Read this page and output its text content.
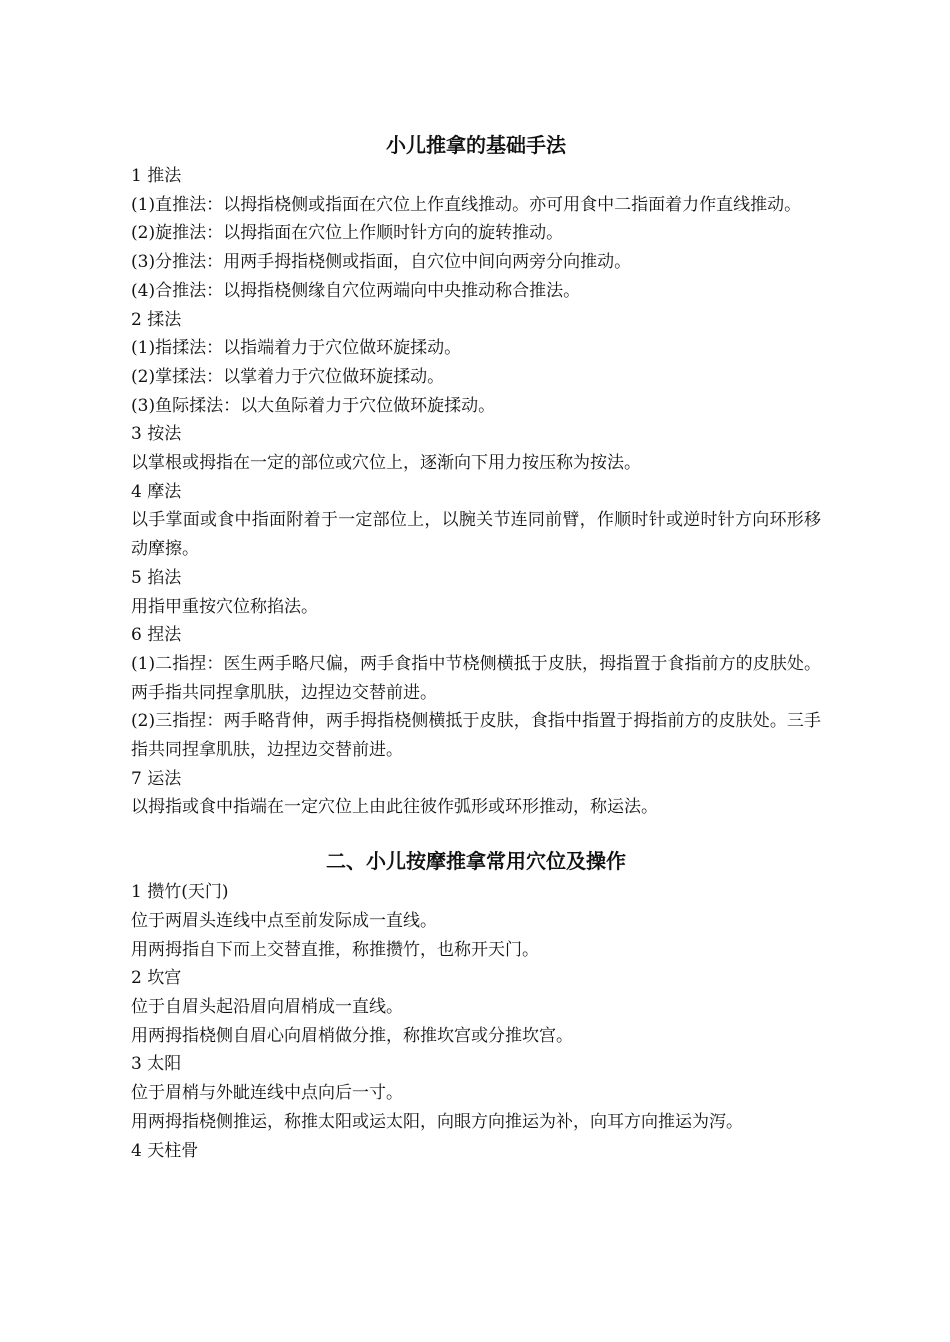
小儿推拿的基础手法

1 推法

(1)直推法：以拇指桡侧或指面在穴位上作直线推动。亦可用食中二指面着力作直线推动。

(2)旋推法：以拇指面在穴位上作顺时针方向的旋转推动。

(3)分推法：用两手拇指桡侧或指面，自穴位中间向两旁分向推动。

(4)合推法：以拇指桡侧缘自穴位两端向中央推动称合推法。

2 揉法

(1)指揉法：以指端着力于穴位做环旋揉动。

(2)掌揉法：以掌着力于穴位做环旋揉动。

(3)鱼际揉法：以大鱼际着力于穴位做环旋揉动。

3 按法

以掌根或拇指在一定的部位或穴位上，逐渐向下用力按压称为按法。

4 摩法

以手掌面或食中指面附着于一定部位上，以腕关节连同前臂，作顺时针或逆时针方向环形移动摩擦。

5 掐法

用指甲重按穴位称掐法。

6 捏法

(1)二指捏：医生两手略尺偏，两手食指中节桡侧横抵于皮肤，拇指置于食指前方的皮肤处。两手指共同捏拿肌肤，边捏边交替前进。

(2)三指捏：两手略背伸，两手拇指桡侧横抵于皮肤，食指中指置于拇指前方的皮肤处。三手指共同捏拿肌肤，边捏边交替前进。

7 运法

以拇指或食中指端在一定穴位上由此往彼作弧形或环形推动，称运法。

二、小儿按摩推拿常用穴位及操作

1 攒竹(天门)

位于两眉头连线中点至前发际成一直线。

用两拇指自下而上交替直推，称推攒竹，也称开天门。

2 坎宫

位于自眉头起沿眉向眉梢成一直线。

用两拇指桡侧自眉心向眉梢做分推，称推坎宫或分推坎宫。

3 太阳

位于眉梢与外眦连线中点向后一寸。

用两拇指桡侧推运，称推太阳或运太阳，向眼方向推运为补，向耳方向推运为泻。

4 天柱骨
